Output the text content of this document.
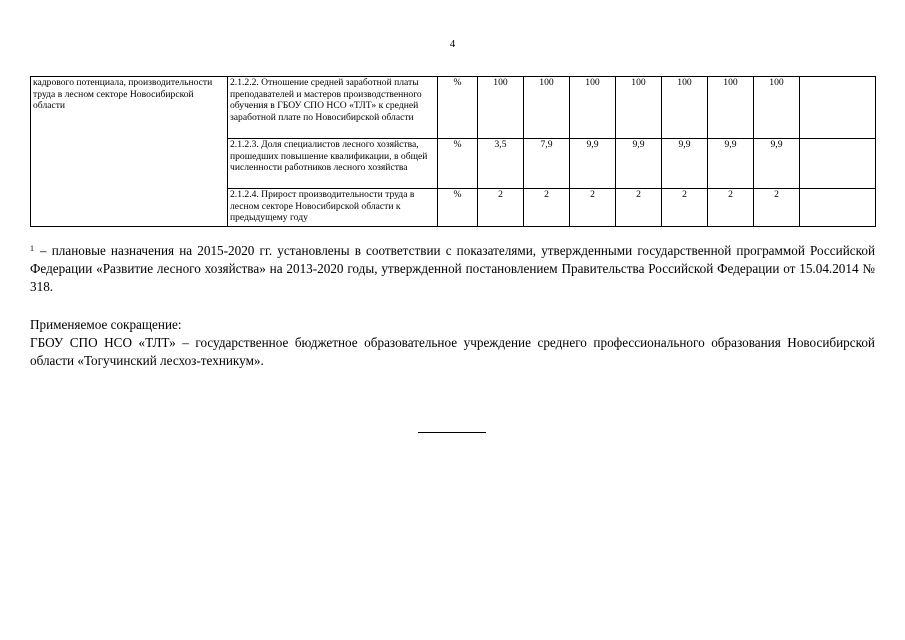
4
кадрового потенциала, производительности труда в лесном секторе Новосибирской области	2.1.2.2. Отношение средней заработной платы преподавателей и мастеров производственного обучения в ГБОУ СПО НСО «ТЛТ» к средней заработной плате по Новосибирской области	%	100	100	100	100	100	100	100	
	2.1.2.3. Доля специалистов лесного хозяйства, прошедших повышение квалификации, в общей численности работников лесного хозяйства	%	3,5	7,9	9,9	9,9	9,9	9,9	9,9	
	2.1.2.4. Прирост производительности труда в лесном секторе Новосибирской области к предыдущему году	%	2	2	2	2	2	2	2	
$^1$ – плановые назначения на 2015-2020 гг. установлены в соответствии с показателями, утвержденными государственной программой Российской Федерации «Развитие лесного хозяйства» на 2013-2020 годы, утвержденной постановлением Правительства Российской Федерации от 15.04.2014 № 318.
Применяемое сокращение:
ГБОУ СПО НСО «ТЛТ» – государственное бюджетное образовательное учреждение среднего профессионального образования Новосибирской области «Тогучинский лесхоз-техникум».
